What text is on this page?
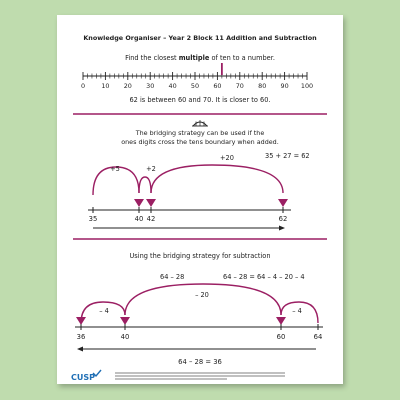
Knowledge Organiser – Year 2 Block 11 Addition and Subtraction
Find the closest multiple of ten to a number.
0	10 20 30 40 50 60 70 80 90 100
62 is between 60 and 70. It is closer to 60.
The bridging strategy can be used if the
ones digits cross the tens boundary when added.
35 + 27 = 62
+5	+2
+20
35	40 42	62
Using the bridging strategy for subtraction
64 – 28	64 – 28 = 64 – 4 – 20 – 4
– 20
– 4	– 4
36	40	60	64
64 – 28 = 36
CUSP
